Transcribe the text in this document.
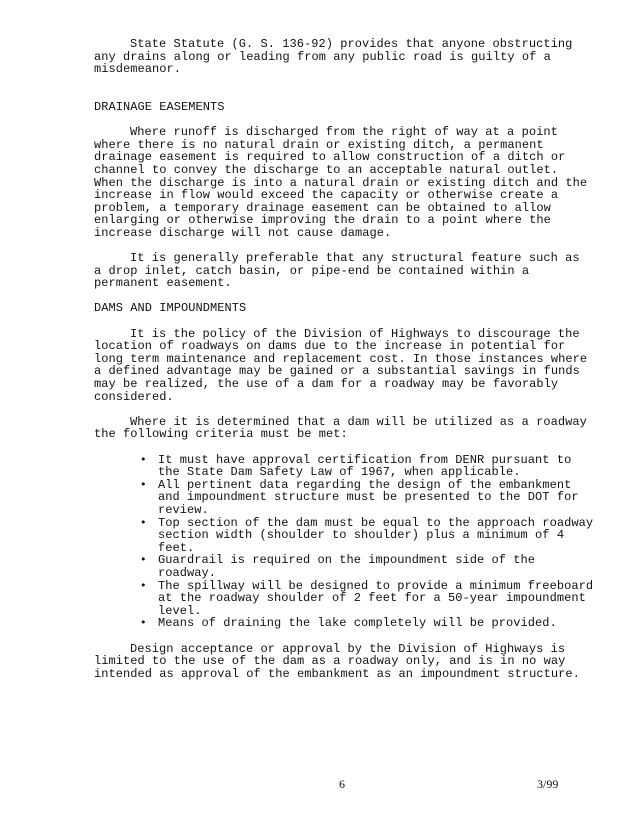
State Statute (G. S. 136-92) provides that anyone obstructing any drains along or leading from any public road is guilty of a misdemeanor.

DRAINAGE EASEMENTS

Where runoff is discharged from the right of way at a point where there is no natural drain or existing ditch, a permanent drainage easement is required to allow construction of a ditch or channel to convey the discharge to an acceptable natural outlet. When the discharge is into a natural drain or existing ditch and the increase in flow would exceed the capacity or otherwise create a problem, a temporary drainage easement can be obtained to allow enlarging or otherwise improving the drain to a point where the increase discharge will not cause damage.

It is generally preferable that any structural feature such as a drop inlet, catch basin, or pipe-end be contained within a permanent easement.

DAMS AND IMPOUNDMENTS

It is the policy of the Division of Highways to discourage the location of roadways on dams due to the increase in potential for long term maintenance and replacement cost. In those instances where a defined advantage may be gained or a substantial savings in funds may be realized, the use of a dam for a roadway may be favorably considered.

Where it is determined that a dam will be utilized as a roadway the following criteria must be met:

• It must have approval certification from DENR pursuant to the State Dam Safety Law of 1967, when applicable.
• All pertinent data regarding the design of the embankment and impoundment structure must be presented to the DOT for review.
• Top section of the dam must be equal to the approach roadway section width (shoulder to shoulder) plus a minimum of 4 feet.
• Guardrail is required on the impoundment side of the roadway.
• The spillway will be designed to provide a minimum freeboard at the roadway shoulder of 2 feet for a 50-year impoundment level.
• Means of draining the lake completely will be provided.

Design acceptance or approval by the Division of Highways is limited to the use of the dam as a roadway only, and is in no way intended as approval of the embankment as an impoundment structure.

6	3/99
